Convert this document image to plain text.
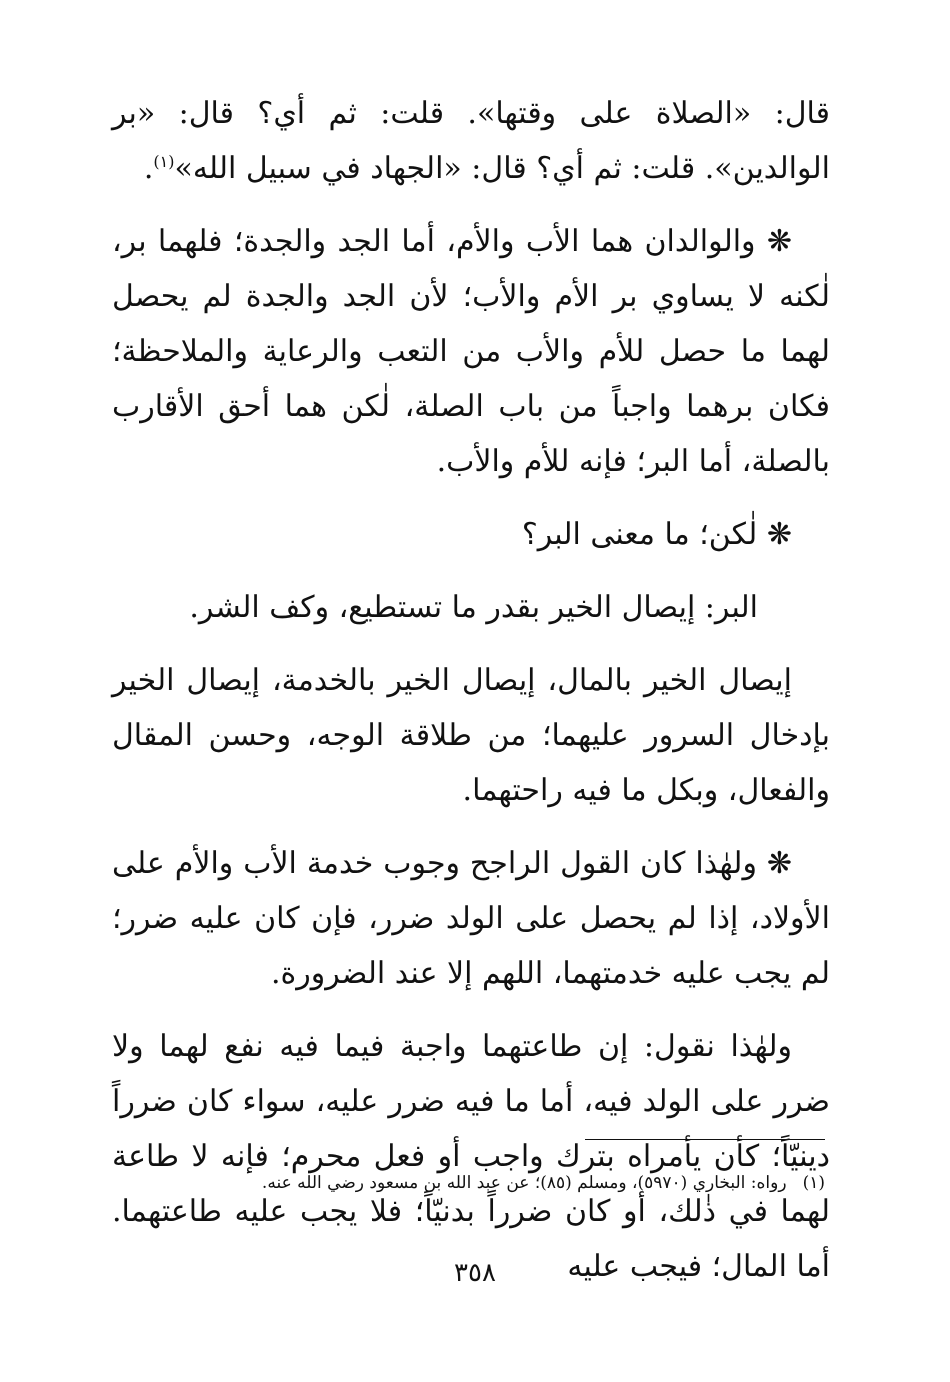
قال: «الصلاة على وقتها». قلت: ثم أي؟ قال: «بر الوالدين». قلت: ثم أي؟ قال: «الجهاد في سبيل الله»$^{(١)}$.

❋ والوالدان هما الأب والأم، أما الجد والجدة؛ فلهما بر، لٰكنه لا يساوي بر الأم والأب؛ لأن الجد والجدة لم يحصل لهما ما حصل للأم والأب من التعب والرعاية والملاحظة؛ فكان برهما واجباً من باب الصلة، لٰكن هما أحق الأقارب بالصلة، أما البر؛ فإنه للأم والأب.

❋ لٰكن؛ ما معنى البر؟

البر: إيصال الخير بقدر ما تستطيع، وكف الشر.

إيصال الخير بالمال، إيصال الخير بالخدمة، إيصال الخير بإدخال السرور عليهما؛ من طلاقة الوجه، وحسن المقال والفعال، وبكل ما فيه راحتهما.

❋ ولهٰذا كان القول الراجح وجوب خدمة الأب والأم على الأولاد، إذا لم يحصل على الولد ضرر، فإن كان عليه ضرر؛ لم يجب عليه خدمتهما، اللهم إلا عند الضرورة.

ولهٰذا نقول: إن طاعتهما واجبة فيما فيه نفع لهما ولا ضرر على الولد فيه، أما ما فيه ضرر عليه، سواء كان ضرراً دينيّاً؛ كأن يأمراه بترك واجب أو فعل محرم؛ فإنه لا طاعة لهما في ذٰلك، أو كان ضرراً بدنيّاً؛ فلا يجب عليه طاعتهما. أما المال؛ فيجب عليه

(١)رواه: البخاري (٥٩٧٠)، ومسلم (٨٥)؛ عن عبد الله بن مسعود رضي الله عنه.
٣٥٨
